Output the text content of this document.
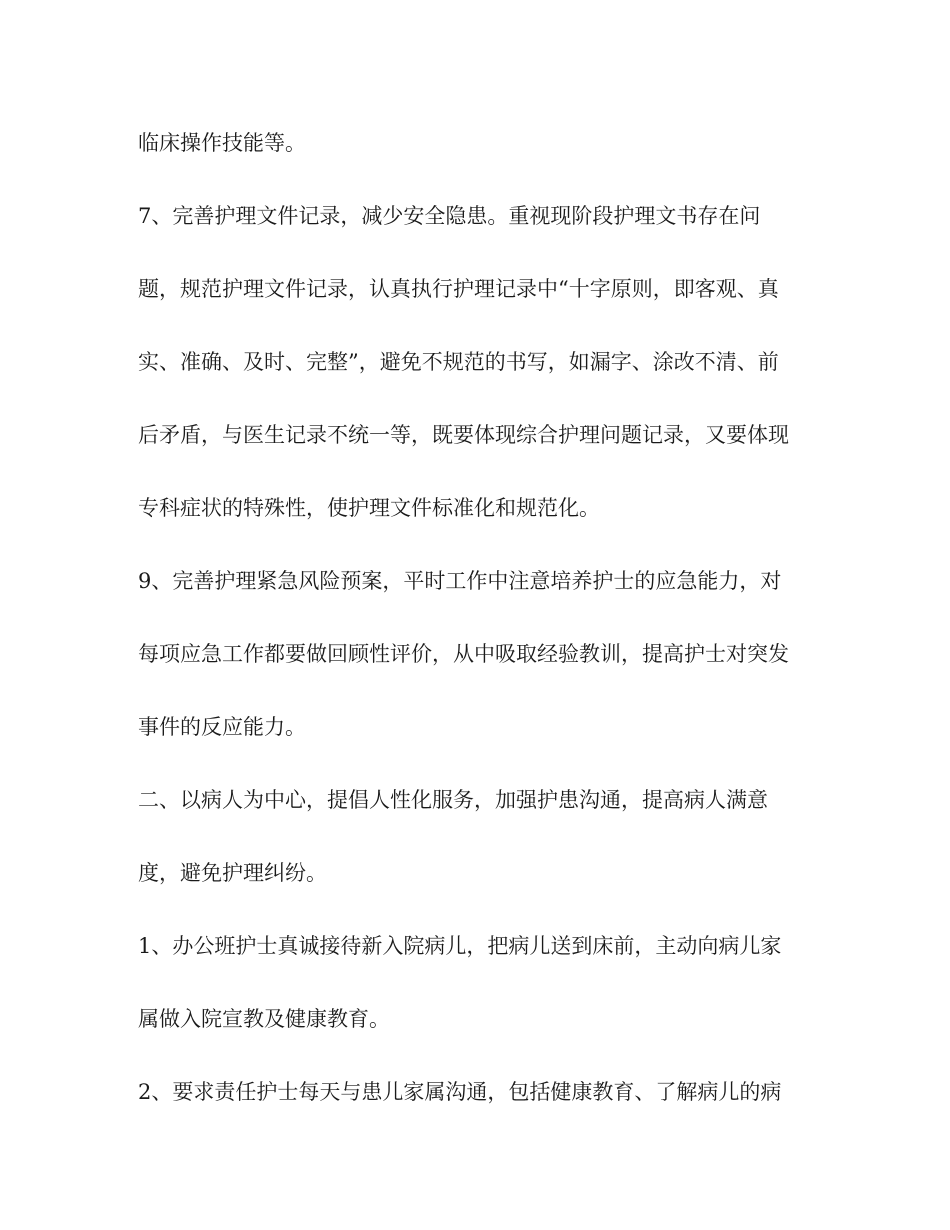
临床操作技能等。

7、完善护理文件记录，减少安全隐患。重视现阶段护理文书存在问

题，规范护理文件记录，认真执行护理记录中“十字原则，即客观、真

实、准确、及时、完整”，避免不规范的书写，如漏字、涂改不清、前

后矛盾，与医生记录不统一等，既要体现综合护理问题记录，又要体现

专科症状的特殊性，使护理文件标准化和规范化。

9、完善护理紧急风险预案，平时工作中注意培养护士的应急能力，对

每项应急工作都要做回顾性评价，从中吸取经验教训，提高护士对突发

事件的反应能力。

二、以病人为中心，提倡人性化服务，加强护患沟通，提高病人满意

度，避免护理纠纷。

1、办公班护士真诚接待新入院病儿，把病儿送到床前，主动向病儿家

属做入院宣教及健康教育。

2、要求责任护士每天与患儿家属沟通，包括健康教育、了解病儿的病
